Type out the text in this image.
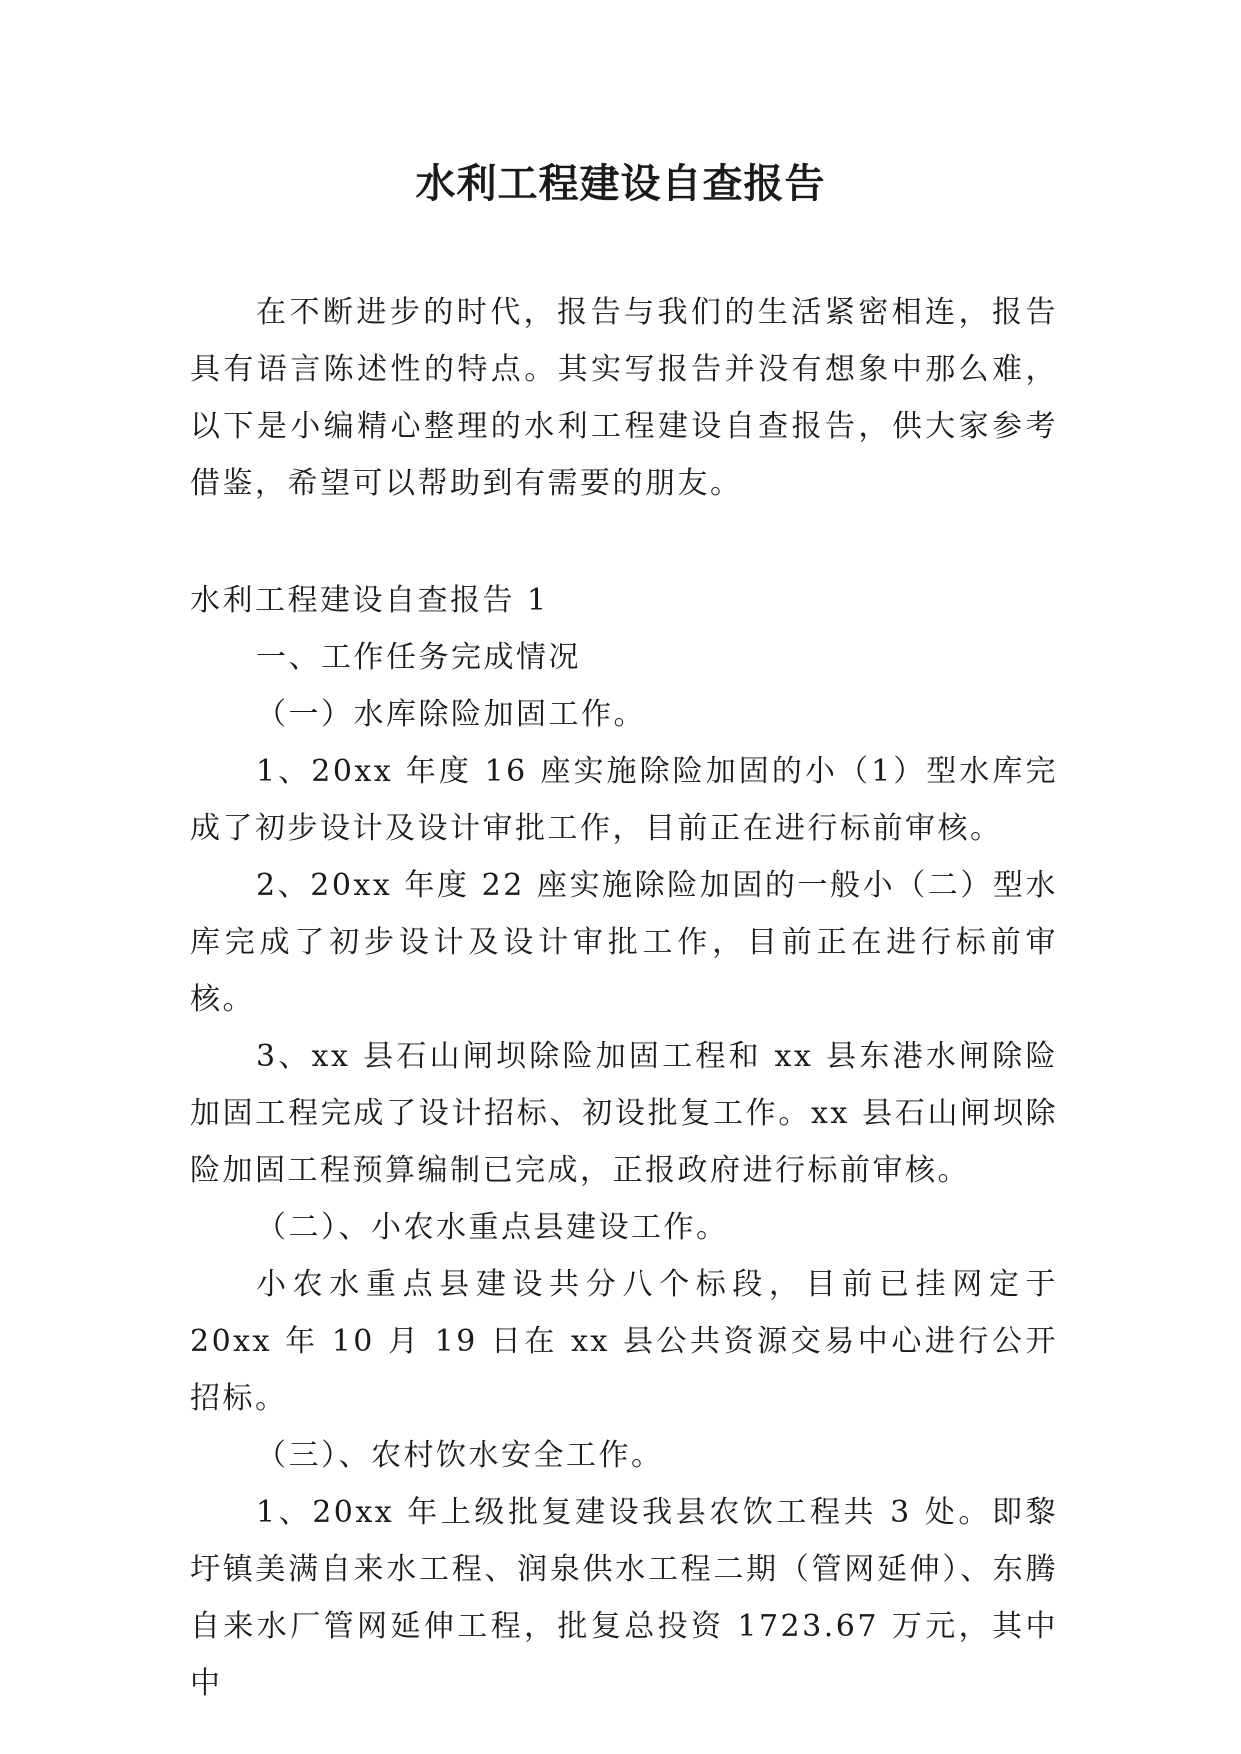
水利工程建设自查报告

在不断进步的时代，报告与我们的生活紧密相连，报告具有语言陈述性的特点。其实写报告并没有想象中那么难，以下是小编精心整理的水利工程建设自查报告，供大家参考借鉴，希望可以帮助到有需要的朋友。

水利工程建设自查报告 1

一、工作任务完成情况

（一）水库除险加固工作。

1、20xx 年度 16 座实施除险加固的小（1）型水库完成了初步设计及设计审批工作，目前正在进行标前审核。

2、20xx 年度 22 座实施除险加固的一般小（二）型水库完成了初步设计及设计审批工作，目前正在进行标前审核。

3、xx 县石山闸坝除险加固工程和 xx 县东港水闸除险加固工程完成了设计招标、初设批复工作。xx 县石山闸坝除险加固工程预算编制已完成，正报政府进行标前审核。

（二）、小农水重点县建设工作。

小农水重点县建设共分八个标段，目前已挂网定于 20xx 年 10 月 19 日在 xx 县公共资源交易中心进行公开招标。

（三）、农村饮水安全工作。

1、20xx 年上级批复建设我县农饮工程共 3 处。即黎圩镇美满自来水工程、润泉供水工程二期（管网延伸）、东腾自来水厂管网延伸工程，批复总投资 1723.67 万元，其中中
